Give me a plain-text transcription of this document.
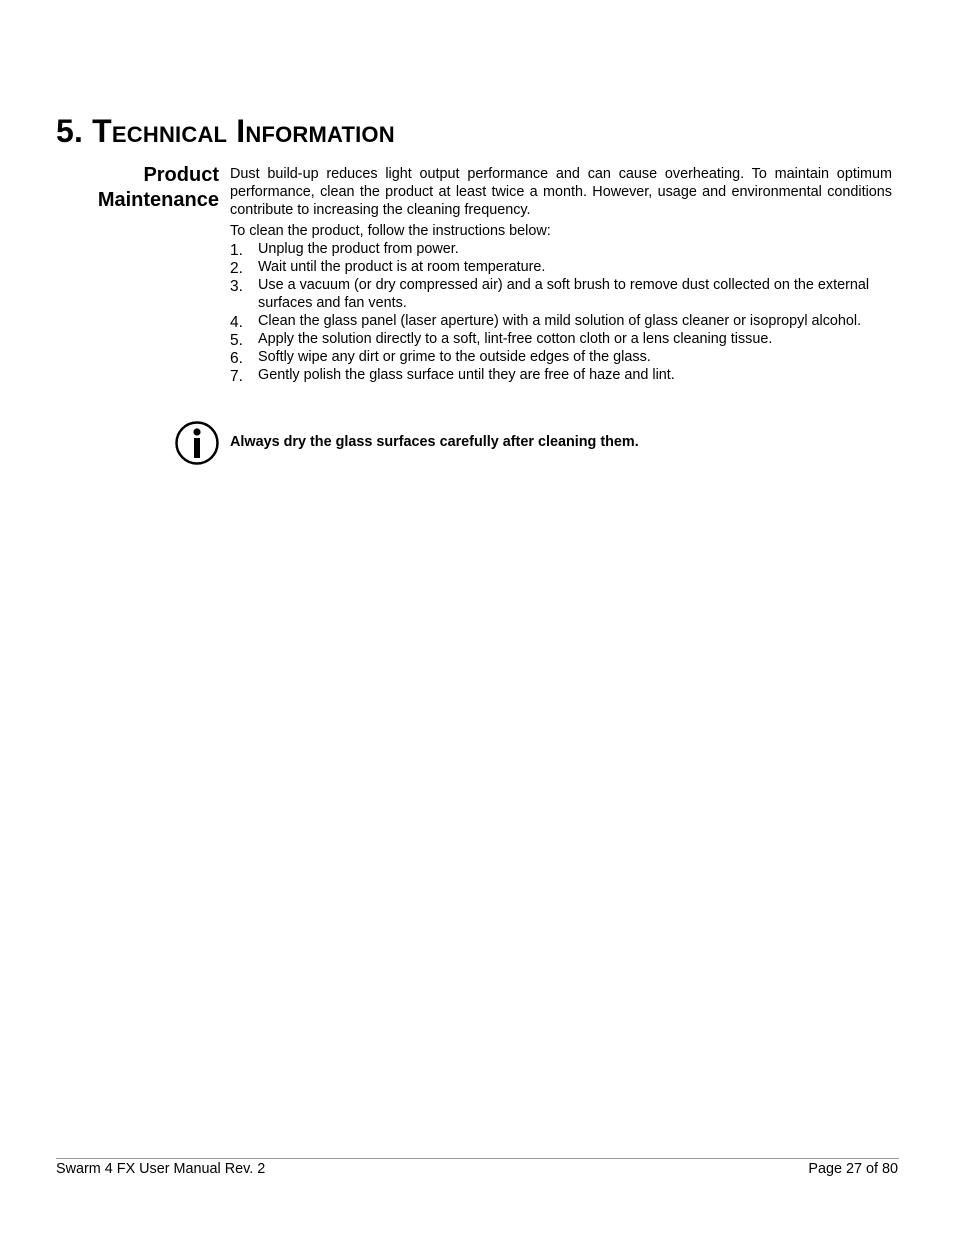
5. Technical Information
Product
Maintenance

Dust build-up reduces light output performance and can cause overheating. To maintain optimum performance, clean the product at least twice a month. However, usage and environmental conditions contribute to increasing the cleaning frequency.

To clean the product, follow the instructions below:

1. Unplug the product from power.
2. Wait until the product is at room temperature.
3. Use a vacuum (or dry compressed air) and a soft brush to remove dust collected on the external surfaces and fan vents.
4. Clean the glass panel (laser aperture) with a mild solution of glass cleaner or isopropyl alcohol.
5. Apply the solution directly to a soft, lint-free cotton cloth or a lens cleaning tissue.
6. Softly wipe any dirt or grime to the outside edges of the glass.
7. Gently polish the glass surface until they are free of haze and lint.
Always dry the glass surfaces carefully after cleaning them.
Swarm 4 FX User Manual Rev. 2	Page 27 of 80
